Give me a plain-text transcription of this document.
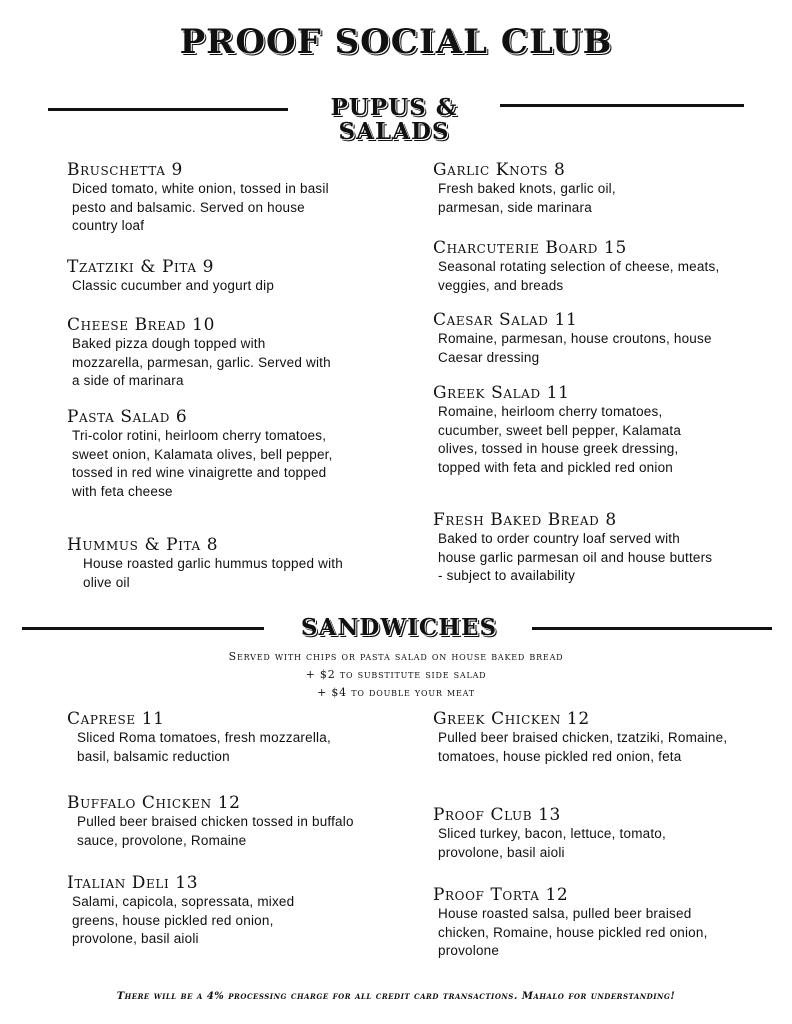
PROOF SOCIAL CLUB
PUPUS &
SALADS
Bruschetta 9
Diced tomato, white onion, tossed in basil pesto and balsamic. Served on house country loaf
Tzatziki & Pita 9
Classic cucumber and yogurt dip
Cheese Bread 10
Baked pizza dough topped with mozzarella, parmesan, garlic. Served with a side of marinara
Pasta Salad 6
Tri-color rotini, heirloom cherry tomatoes, sweet onion, Kalamata olives, bell pepper, tossed in red wine vinaigrette and topped with feta cheese
Hummus & Pita 8
House roasted garlic hummus topped with olive oil
Garlic Knots 8
Fresh baked knots, garlic oil, parmesan, side marinara
Charcuterie Board 15
Seasonal rotating selection of cheese, meats, veggies, and breads
Caesar Salad 11
Romaine, parmesan, house croutons, house Caesar dressing
Greek Salad 11
Romaine, heirloom cherry tomatoes, cucumber, sweet bell pepper, Kalamata olives, tossed in house greek dressing, topped with feta and pickled red onion
Fresh Baked Bread 8
Baked to order country loaf served with house garlic parmesan oil and house butters - subject to availability
SANDWICHES
Served with chips or pasta salad on house baked bread
+ $2 to substitute side salad
+ $4 to double your meat
Caprese 11
Sliced Roma tomatoes, fresh mozzarella, basil, balsamic reduction
Buffalo Chicken 12
Pulled beer braised chicken tossed in buffalo sauce, provolone, Romaine
Italian Deli 13
Salami, capicola, sopressata, mixed greens, house pickled red onion, provolone, basil aioli
Greek Chicken 12
Pulled beer braised chicken, tzatziki, Romaine, tomatoes, house pickled red onion, feta
Proof Club 13
Sliced turkey, bacon, lettuce, tomato, provolone, basil aioli
Proof Torta 12
House roasted salsa, pulled beer braised chicken, Romaine, house pickled red onion, provolone
There will be a 4% processing charge for all credit card transactions. Mahalo for understanding!
